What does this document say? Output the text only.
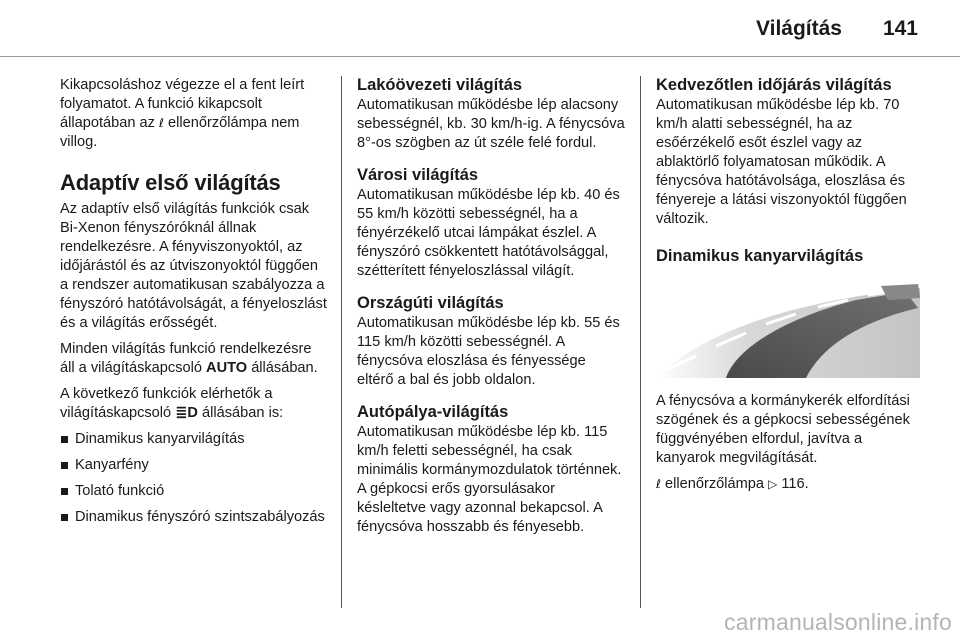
Világítás 141

Kikapcsoláshoz végezze el a fent leírt folyamatot. A funkció kikapcsolt állapotában az ℓ ellenőrzőlámpa nem villog.

Adaptív első világítás

Az adaptív első világítás funkciók csak Bi-Xenon fényszóróknál állnak rendelkezésre. A fényviszonyoktól, az időjárástól és az útviszonyoktól függően a rendszer automatikusan szabályozza a fényszóró hatótávolságát, a fényeloszlást és a világítás erősségét.

Minden világítás funkció rendelkezésre áll a világításkapcsoló AUTO állásában.

A következő funkciók elérhetők a világításkapcsoló ≣D állásában is:

Dinamikus kanyarvilágítás
Kanyarfény
Tolató funkció
Dinamikus fényszóró szintszabályozás
Lakóövezeti világítás

Automatikusan működésbe lép alacsony sebességnél, kb. 30 km/h-ig. A fénycsóva 8°-os szögben az út széle felé fordul.

Városi világítás

Automatikusan működésbe lép kb. 40 és 55 km/h közötti sebességnél, ha a fényérzékelő utcai lámpákat észlel. A fényszóró csökkentett hatótávolsággal, szétterített fényeloszlással világít.

Országúti világítás

Automatikusan működésbe lép kb. 55 és 115 km/h közötti sebességnél. A fénycsóva eloszlása és fényessége eltérő a bal és jobb oldalon.

Autópálya-világítás

Automatikusan működésbe lép kb. 115 km/h feletti sebességnél, ha csak minimális kormánymozdulatok történnek. A gépkocsi erős gyorsulásakor késleltetve vagy azonnal bekapcsol. A fénycsóva hosszabb és fényesebb.

Kedvezőtlen időjárás világítás

Automatikusan működésbe lép kb. 70 km/h alatti sebességnél, ha az esőérzékelő esőt észlel vagy az ablaktörlő folyamatosan működik. A fénycsóva hatótávolsága, eloszlása és fényereje a látási viszonyoktól függően változik.

Dinamikus kanyarvilágítás

A fénycsóva a kormánykerék elfordítási szögének és a gépkocsi sebességének függvényében elfordul, javítva a kanyarok megvilágítását.

ℓ ellenőrzőlámpa ▷ 116.

carmanualsonline.info
